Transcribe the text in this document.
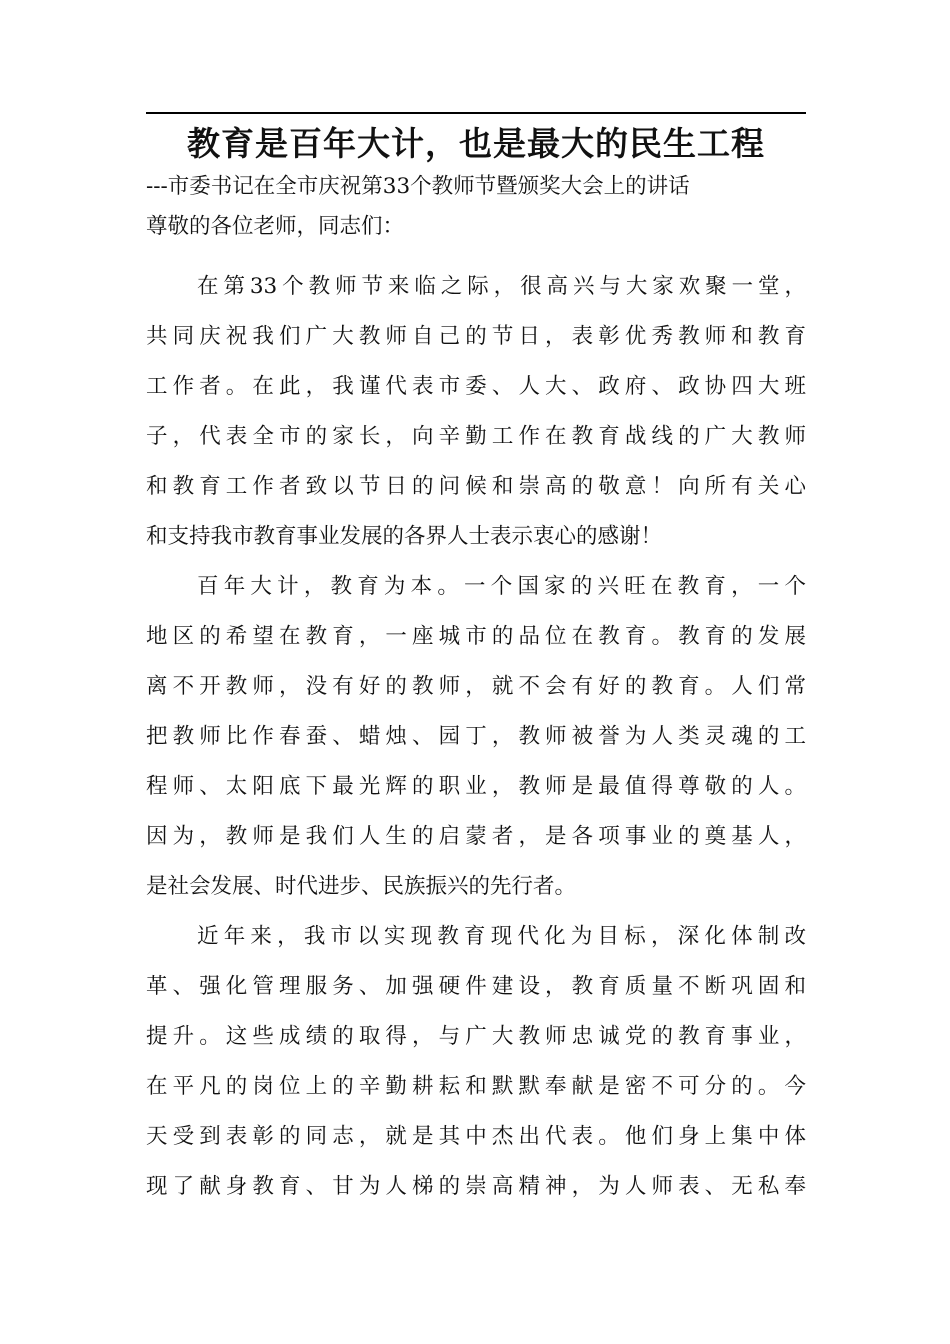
教育是百年大计，也是最大的民生工程
---市委书记在全市庆祝第33个教师节暨颁奖大会上的讲话
尊敬的各位老师，同志们：
在第33个教师节来临之际，很高兴与大家欢聚一堂，
共同庆祝我们广大教师自己的节日，表彰优秀教师和教育
工作者。在此，我谨代表市委、人大、政府、政协四大班
子，代表全市的家长，向辛勤工作在教育战线的广大教师
和教育工作者致以节日的问候和崇高的敬意！向所有关心
和支持我市教育事业发展的各界人士表示衷心的感谢！
百年大计，教育为本。一个国家的兴旺在教育，一个
地区的希望在教育，一座城市的品位在教育。教育的发展
离不开教师，没有好的教师，就不会有好的教育。人们常
把教师比作春蚕、蜡烛、园丁，教师被誉为人类灵魂的工
程师、太阳底下最光辉的职业，教师是最值得尊敬的人。
因为，教师是我们人生的启蒙者，是各项事业的奠基人，
是社会发展、时代进步、民族振兴的先行者。
近年来，我市以实现教育现代化为目标，深化体制改
革、强化管理服务、加强硬件建设，教育质量不断巩固和
提升。这些成绩的取得，与广大教师忠诚党的教育事业，
在平凡的岗位上的辛勤耕耘和默默奉献是密不可分的。今
天受到表彰的同志，就是其中杰出代表。他们身上集中体
现了献身教育、甘为人梯的崇高精神，为人师表、无私奉
